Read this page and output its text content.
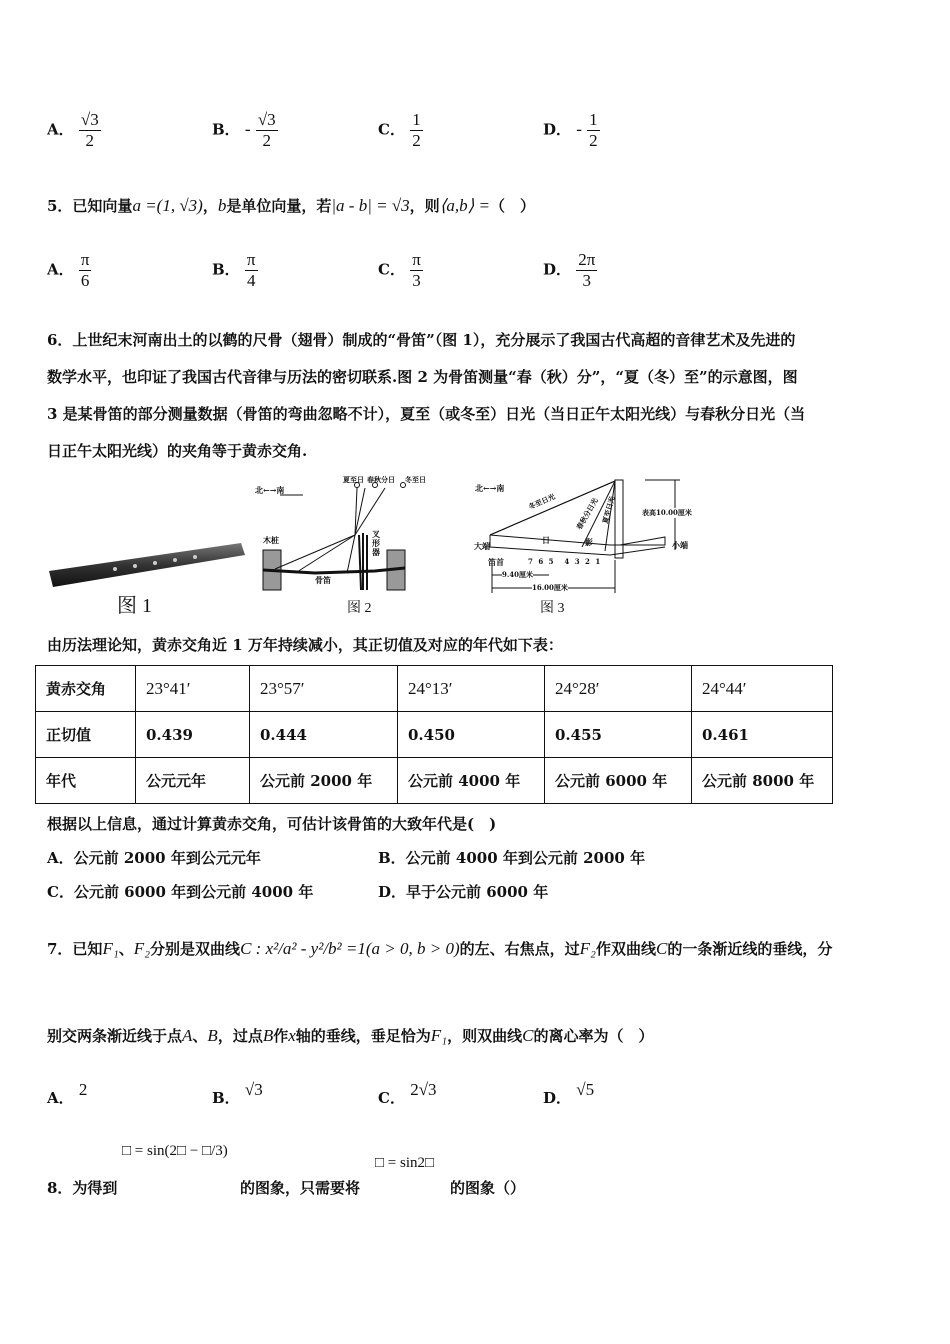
A． $\frac{√3}{2}$	B． - $\frac{√3}{2}$	C． $\frac{1}{2}$	D． - $\frac{1}{2}$
5．已知向量a =(1, √3)，b是单位向量，若|a - b| = √3，则⟨a,b⟩ =（　）
A． $\frac{\pi}{6}$	B． $\frac{\pi}{4}$	C． $\frac{\pi}{3}$	D． $\frac{2\pi}{3}$
6．上世纪末河南出土的以鹤的尺骨（翅骨）制成的“骨笛”（图 1），充分展示了我国古代高超的音律艺术及先进的
数学水平，也印证了我国古代音律与历法的密切联系.图 2 为骨笛测量“春（秋）分”，“夏（冬）至”的示意图，图
3 是某骨笛的部分测量数据（骨笛的弯曲忽略不计），夏至（或冬至）日光（当日正午太阳光线）与春秋分日光（当
日正午太阳光线）的夹角等于黄赤交角.
图 1
北←→南
夏至日 春秋分日 冬至日
木桩
骨笛
叉形器
图 2
北←→南
冬至日光	春秋分日光 夏至日光
日	影
表高10.00厘米
大端	小端
笛首	7 6 5 4 3 2 1
9.40厘米
16.00厘米
图 3
由历法理论知，黄赤交角近 1 万年持续减小，其正切值及对应的年代如下表：
黄赤交角	23°41′	23°57′	24°13′	24°28′	24°44′
正切值	0.439	0.444	0.450	0.455	0.461
年代	公元元年	公元前 2000 年	公元前 4000 年	公元前 6000 年	公元前 8000 年
根据以上信息，通过计算黄赤交角，可估计该骨笛的大致年代是(　)
A．公元前 2000 年到公元元年	B．公元前 4000 年到公元前 2000 年
C．公元前 6000 年到公元前 4000 年	D．早于公元前 6000 年
7．已知F₁、F₂分别是双曲线C : x²/a² - y²/b² =1(a > 0, b > 0)的左、右焦点，过F₂作双曲线C的一条渐近线的垂线，分
别交两条渐近线于点A、B，过点B作x轴的垂线，垂足恰为F₁，则双曲线C的离心率为（　）
A． 2	B． √3	C． 2√3	D． √5
□ = sin(2□ − □/3)
□ = sin2□
8．为得到	的图象，只需要将	的图象（）
